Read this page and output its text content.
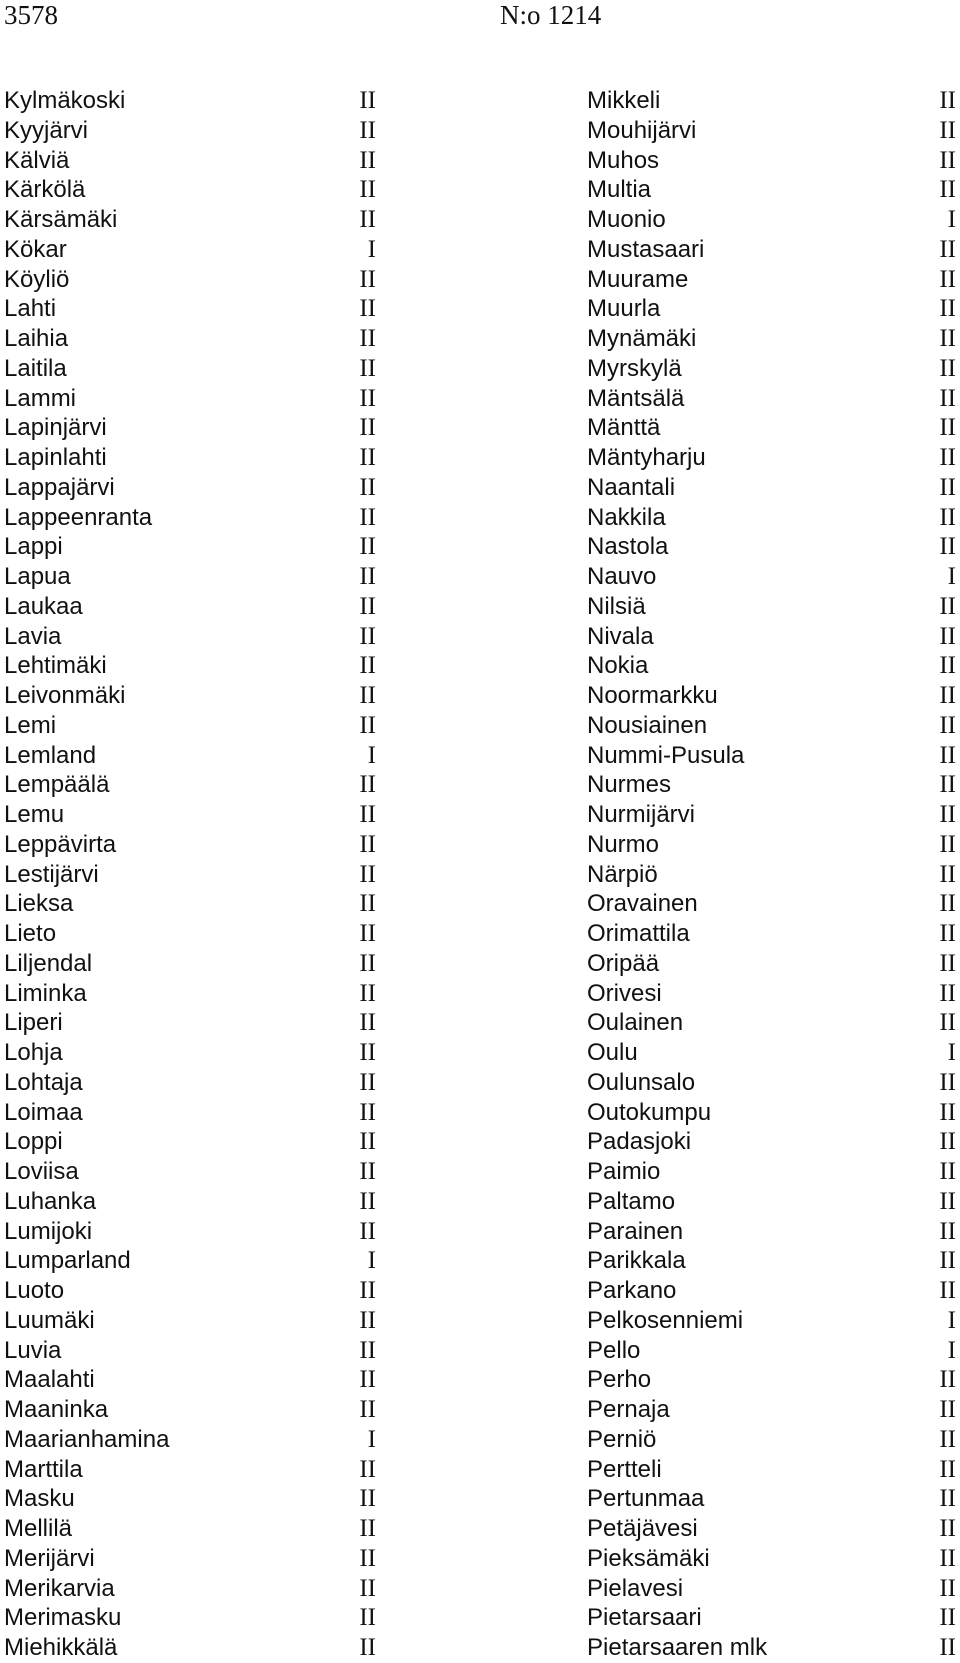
3578	N:o 1214
Kylmäkoski	II
Kyyjärvi	II
Kälviä	II
Kärkölä	II
Kärsämäki	II
Kökar	I
Köyliö	II
Lahti	II
Laihia	II
Laitila	II
Lammi	II
Lapinjärvi	II
Lapinlahti	II
Lappajärvi	II
Lappeenranta	II
Lappi	II
Lapua	II
Laukaa	II
Lavia	II
Lehtimäki	II
Leivonmäki	II
Lemi	II
Lemland	I
Lempäälä	II
Lemu	II
Leppävirta	II
Lestijärvi	II
Lieksa	II
Lieto	II
Liljendal	II
Liminka	II
Liperi	II
Lohja	II
Lohtaja	II
Loimaa	II
Loppi	II
Loviisa	II
Luhanka	II
Lumijoki	II
Lumparland	I
Luoto	II
Luumäki	II
Luvia	II
Maalahti	II
Maaninka	II
Maarianhamina	I
Marttila	II
Masku	II
Mellilä	II
Merijärvi	II
Merikarvia	II
Merimasku	II
Miehikkälä	II
Mikkeli	II
Mouhijärvi	II
Muhos	II
Multia	II
Muonio	I
Mustasaari	II
Muurame	II
Muurla	II
Mynämäki	II
Myrskylä	II
Mäntsälä	II
Mänttä	II
Mäntyharju	II
Naantali	II
Nakkila	II
Nastola	II
Nauvo	I
Nilsiä	II
Nivala	II
Nokia	II
Noormarkku	II
Nousiainen	II
Nummi-Pusula	II
Nurmes	II
Nurmijärvi	II
Nurmo	II
Närpiö	II
Oravainen	II
Orimattila	II
Oripää	II
Orivesi	II
Oulainen	II
Oulu	I
Oulunsalo	II
Outokumpu	II
Padasjoki	II
Paimio	II
Paltamo	II
Parainen	II
Parikkala	II
Parkano	II
Pelkosenniemi	I
Pello	I
Perho	II
Pernaja	II
Perniö	II
Pertteli	II
Pertunmaa	II
Petäjävesi	II
Pieksämäki	II
Pielavesi	II
Pietarsaari	II
Pietarsaaren mlk	II
